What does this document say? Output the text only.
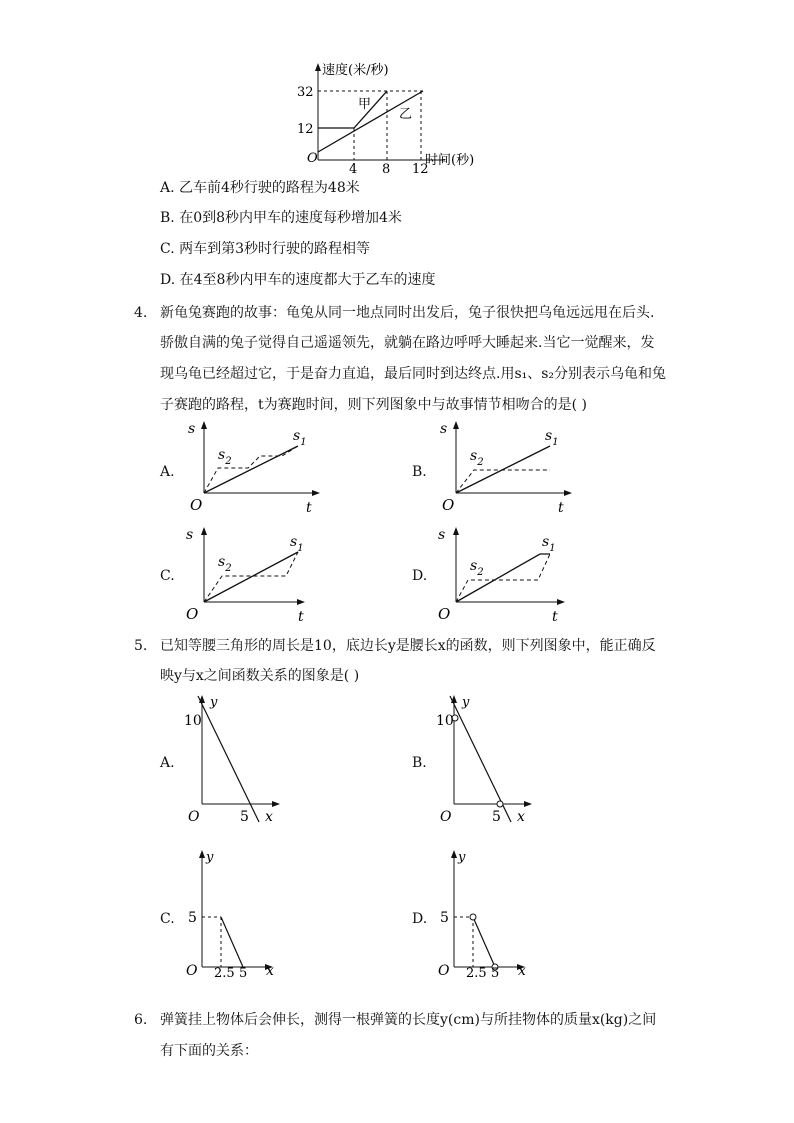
速度(米/秒)
32
12
O
4 8 12
时间(秒)
甲
乙
A. 乙车前4秒行驶的路程为48米
B. 在0到8秒内甲车的速度每秒增加4米
C. 两车到第3秒时行驶的路程相等
D. 在4至8秒内甲车的速度都大于乙车的速度
4. 新龟兔赛跑的故事：龟兔从同一地点同时出发后，兔子很快把乌龟远远甩在后头.
骄傲自满的兔子觉得自己遥遥领先，就躺在路边呼呼大睡起来.当它一觉醒来，发
现乌龟已经超过它，于是奋力直追，最后同时到达终点.用s₁、s₂分别表示乌龟和兔
子赛跑的路程，t为赛跑时间，则下列图象中与故事情节相吻合的是( )
A.	B.
C.	D.
s
O	t
$s_1$
$s_2$
s
O	t
$s_1$
$s_2$
s
O	t
$s_1$
$s_2$
s
O	t
$s_1$
$s_2$
5. 已知等腰三角形的周长是10，底边长y是腰长x的函数，则下列图象中，能正确反
映y与x之间函数关系的图象是( )
A.	B.
C.	D.
y
10
O	5 x
y
10
O	5 x
y
5
O 2.5 5 x
y
5
O 2.5 5 x
6. 弹簧挂上物体后会伸长，测得一根弹簧的长度y(cm)与所挂物体的质量x(kg)之间
有下面的关系：
